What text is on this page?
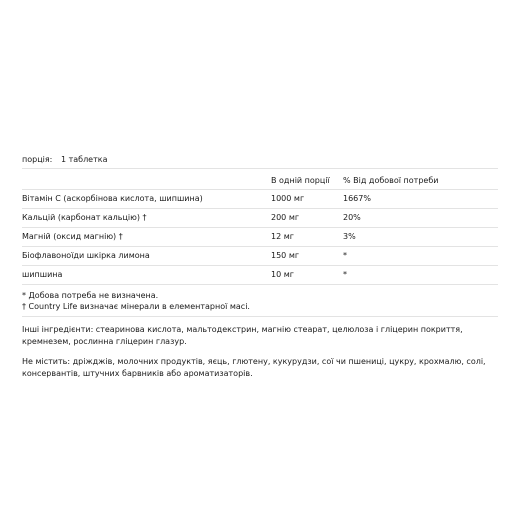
порція: 1 таблетка
В одній порції % Від добової потреби
Вітамін C (аскорбінова кислота, шипшина)	1000 мг	1667%
Кальцій (карбонат кальцію) †	200 мг	20%
Магній (оксид магнію) †	12 мг	3%
Біофлавоноїди шкірка лимона	150 мг	*
шипшина	10 мг	*
* Добова потреба не визначена.
† Country Life визначає мінерали в елементарної масі.
Інші інгредієнти: стеаринова кислота, мальтодекстрин, магнію стеарат, целюлоза і гліцерин покриття, кремнезем, рослинна гліцерин глазур.
Не містить: дріжджів, молочних продуктів, яєць, глютену, кукурудзи, сої чи пшениці, цукру, крохмалю, солі, консервантів, штучних барвників або ароматизаторів.
